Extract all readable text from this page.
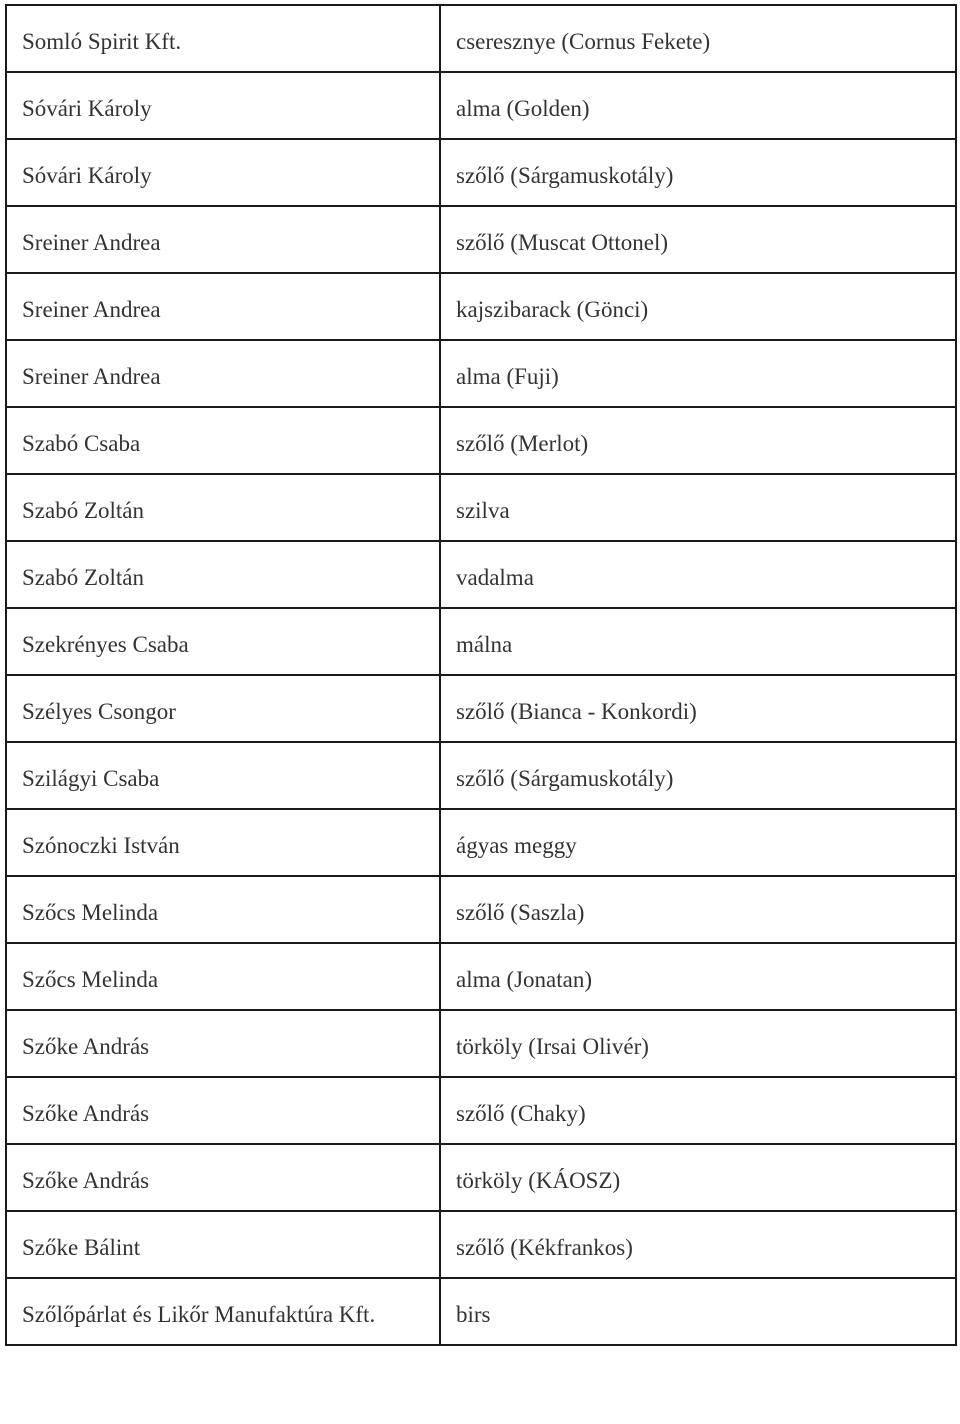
Somló Spirit Kft.	cseresznye (Cornus Fekete)
Sóvári Károly	alma (Golden)
Sóvári Károly	szőlő (Sárgamuskotály)
Sreiner Andrea	szőlő (Muscat Ottonel)
Sreiner Andrea	kajszibarack (Gönci)
Sreiner Andrea	alma (Fuji)
Szabó Csaba	szőlő (Merlot)
Szabó Zoltán	szilva
Szabó Zoltán	vadalma
Szekrényes Csaba	málna
Szélyes Csongor	szőlő (Bianca - Konkordi)
Szilágyi Csaba	szőlő (Sárgamuskotály)
Szónoczki István	ágyas meggy
Szőcs Melinda	szőlő (Saszla)
Szőcs Melinda	alma (Jonatan)
Szőke András	törköly (Irsai Olivér)
Szőke András	szőlő (Chaky)
Szőke András	törköly (KÁOSZ)
Szőke Bálint	szőlő (Kékfrankos)
Szőlőpárlat és Likőr Manufaktúra Kft.	birs
